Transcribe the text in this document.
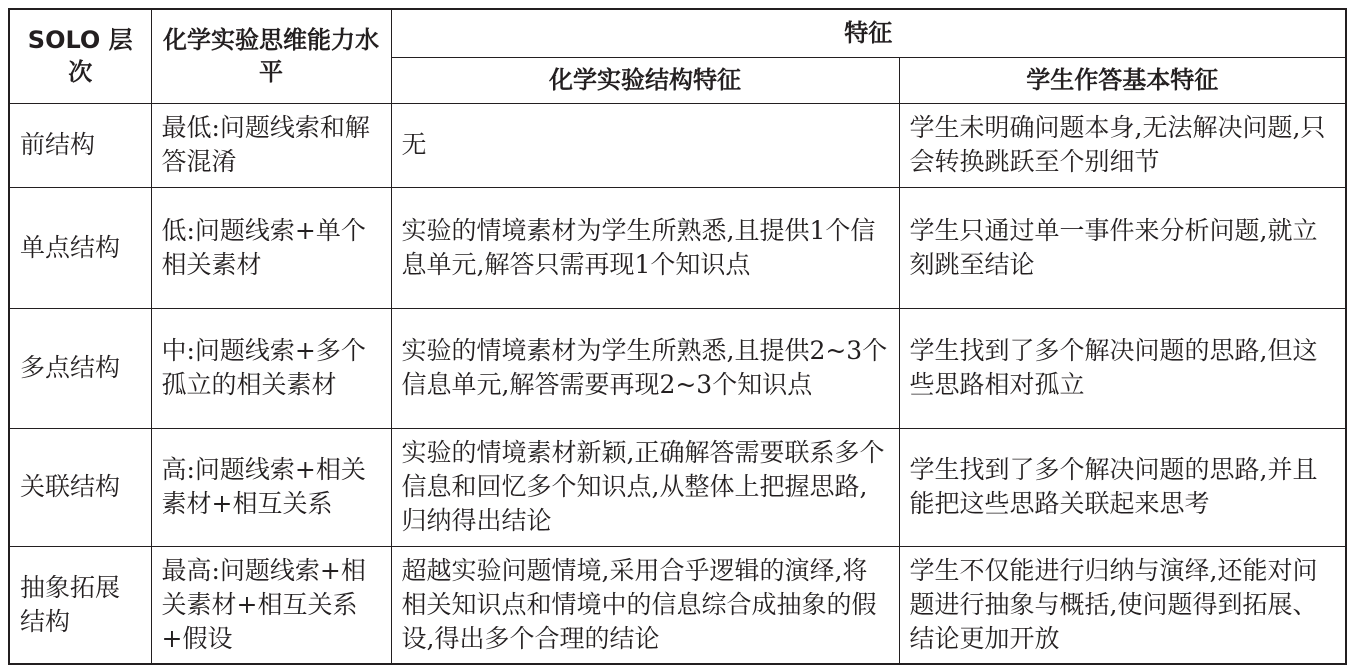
SOLO 层次	化学实验思维能力水平	特征	
		化学实验结构特征	学生作答基本特征
前结构	最低:问题线索和解答混淆	无	学生未明确问题本身,无法解决问题,只会转换跳跃至个别细节
单点结构	低:问题线索+单个相关素材	实验的情境素材为学生所熟悉,且提供1个信息单元,解答只需再现1个知识点	学生只通过单一事件来分析问题,就立刻跳至结论
多点结构	中:问题线索+多个孤立的相关素材	实验的情境素材为学生所熟悉,且提供2~3个信息单元,解答需要再现2~3个知识点	学生找到了多个解决问题的思路,但这些思路相对孤立
关联结构	高:问题线索+相关素材+相互关系	实验的情境素材新颖,正确解答需要联系多个信息和回忆多个知识点,从整体上把握思路,归纳得出结论	学生找到了多个解决问题的思路,并且能把这些思路关联起来思考
抽象拓展结构	最高:问题线索+相关素材+相互关系+假设	超越实验问题情境,采用合乎逻辑的演绎,将相关知识点和情境中的信息综合成抽象的假设,得出多个合理的结论	学生不仅能进行归纳与演绎,还能对问题进行抽象与概括,使问题得到拓展、结论更加开放
